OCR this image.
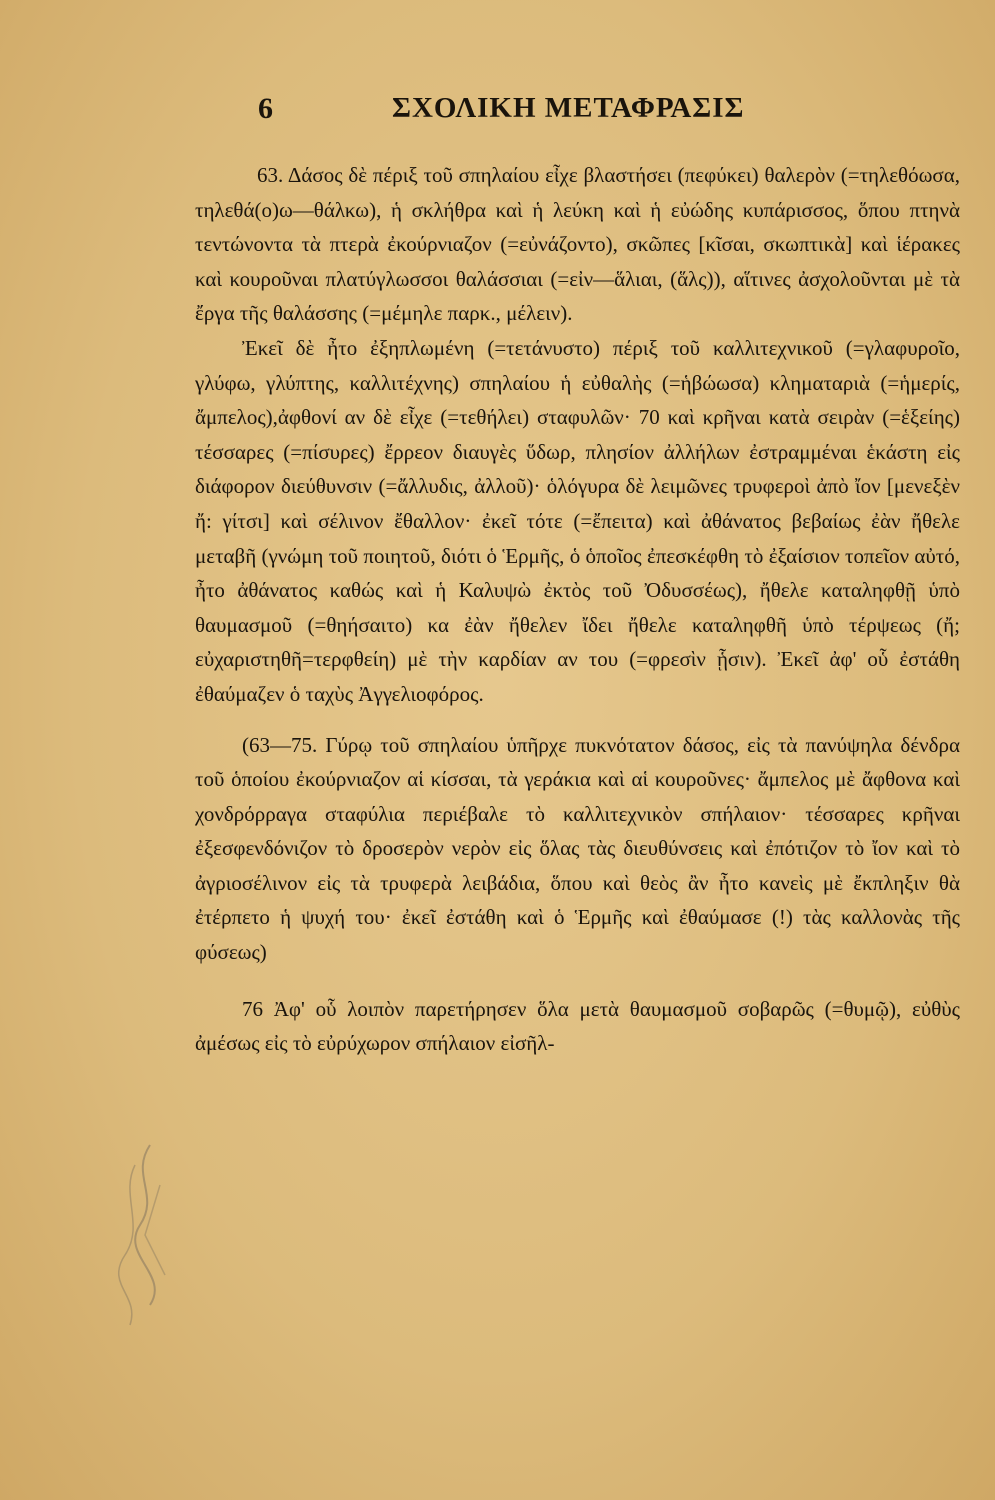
6	ΣΧΟΛΙΚΗ ΜΕΤΑΦΡΑΣΙΣ

63. Δάσος δὲ πέριξ τοῦ σπηλαίου εἶχε βλαστήσει (πεφύκει) θαλερὸν (=τηλεθόωσα, τηλεθά(ο)ω—θάλκω), ἡ σκλήθρα καὶ ἡ λεύκη καὶ ἡ εὐώδης κυπάρισσος, ὅπου πτηνὰ τεντώνοντα τὰ πτερὰ ἐκούρνιαζον (=εὐνάζοντο), σκῶπες [κῖσαι, σκωπτικὰ] καὶ ἱέρακες καὶ κουροῦναι πλατύγλωσσοι θαλάσσιαι (=εἰν—ἅλιαι, (ἅλς)), αἵτινες ἀσχολοῦνται μὲ τὰ ἔργα τῆς θαλάσσης (=μέμηλε παρκ., μέλειν).

Ἐκεῖ δὲ ἦτο ἐξηπλωμένη (=τετάνυστο) πέριξ τοῦ καλλιτεχνικοῦ (=γλαφυροῖο, γλύφω, γλύπτης, καλλιτέχνης) σπηλαίου ἡ εὐθαλὴς (=ἡβώωσα) κληματαριὰ (=ἡμερίς, ἄμπελος),ἀφθονί αν δὲ εἶχε (=τεθήλει) σταφυλῶν· 70 καὶ κρῆναι κατὰ σειρὰν (=ἑξείης) τέσσαρες (=πίσυρες) ἔρρεον διαυγὲς ὕδωρ, πλησίον ἀλλήλων ἐστραμμέναι ἑκάστη εἰς διάφορον διεύθυνσιν (=ἄλλυδις, ἀλλοῦ)· ὁλόγυρα δὲ λειμῶνες τρυφεροὶ ἀπὸ ἴον [μενεξὲν ἤ: γίτσι] καὶ σέλινον ἔθαλλον· ἐκεῖ τότε (=ἔπειτα) καὶ ἀθάνατος βεβαίως ἐὰν ἤθελε μεταβῆ (γνώμη τοῦ ποιητοῦ, διότι ὁ Ἑρμῆς, ὁ ὁποῖος ἐπεσκέφθη τὸ ἐξαίσιον τοπεῖον αὐτό, ἦτο ἀθάνατος καθώς καὶ ἡ Καλυψὼ ἐκτὸς τοῦ Ὀδυσσέως), ἤθελε καταληφθῇ ὑπὸ θαυμασμοῦ (=θηήσαιτο) κα ἐὰν ἤθελεν ἴδει ἤθελε καταληφθῆ ὑπὸ τέρψεως (ἤ; εὐχαριστηθῆ=τερφθείη) μὲ τὴν καρδίαν αν του (=φρεσὶν ᾗσιν). Ἐκεῖ ἀφ' οὗ ἐστάθη ἐθαύμαζεν ὁ ταχὺς Ἀγγελιοφόρος.

(63—75. Γύρῳ τοῦ σπηλαίου ὑπῆρχε πυκνότατον δάσος, εἰς τὰ πανύψηλα δένδρα τοῦ ὁποίου ἐκούρνιαζον αἱ κίσσαι, τὰ γεράκια καὶ αἱ κουροῦνες· ἄμπελος μὲ ἄφθονα καὶ χονδρόρραγα σταφύλια περιέβαλε τὸ καλλιτεχνικὸν σπήλαιον· τέσσαρες κρῆναι ἐξεσφενδόνιζον τὸ δροσερὸν νερὸν εἰς ὅλας τὰς διευθύνσεις καὶ ἐπότιζον τὸ ἴον καὶ τὸ ἀγριοσέλινον εἰς τὰ τρυφερὰ λειβάδια, ὅπου καὶ θεὸς ἂν ἦτο κανεὶς μὲ ἔκπληξιν θὰ ἐτέρπετο ἡ ψυχή του· ἐκεῖ ἐστάθη καὶ ὁ Ἑρμῆς καὶ ἐθαύμασε (!) τὰς καλλονὰς τῆς φύσεως)

76 Ἀφ' οὗ λοιπὸν παρετήρησεν ὅλα μετὰ θαυμασμοῦ σοβαρῶς (=θυμῷ), εὐθὺς ἀμέσως εἰς τὸ εὐρύχωρον σπήλαιον εἰσῆλ-
